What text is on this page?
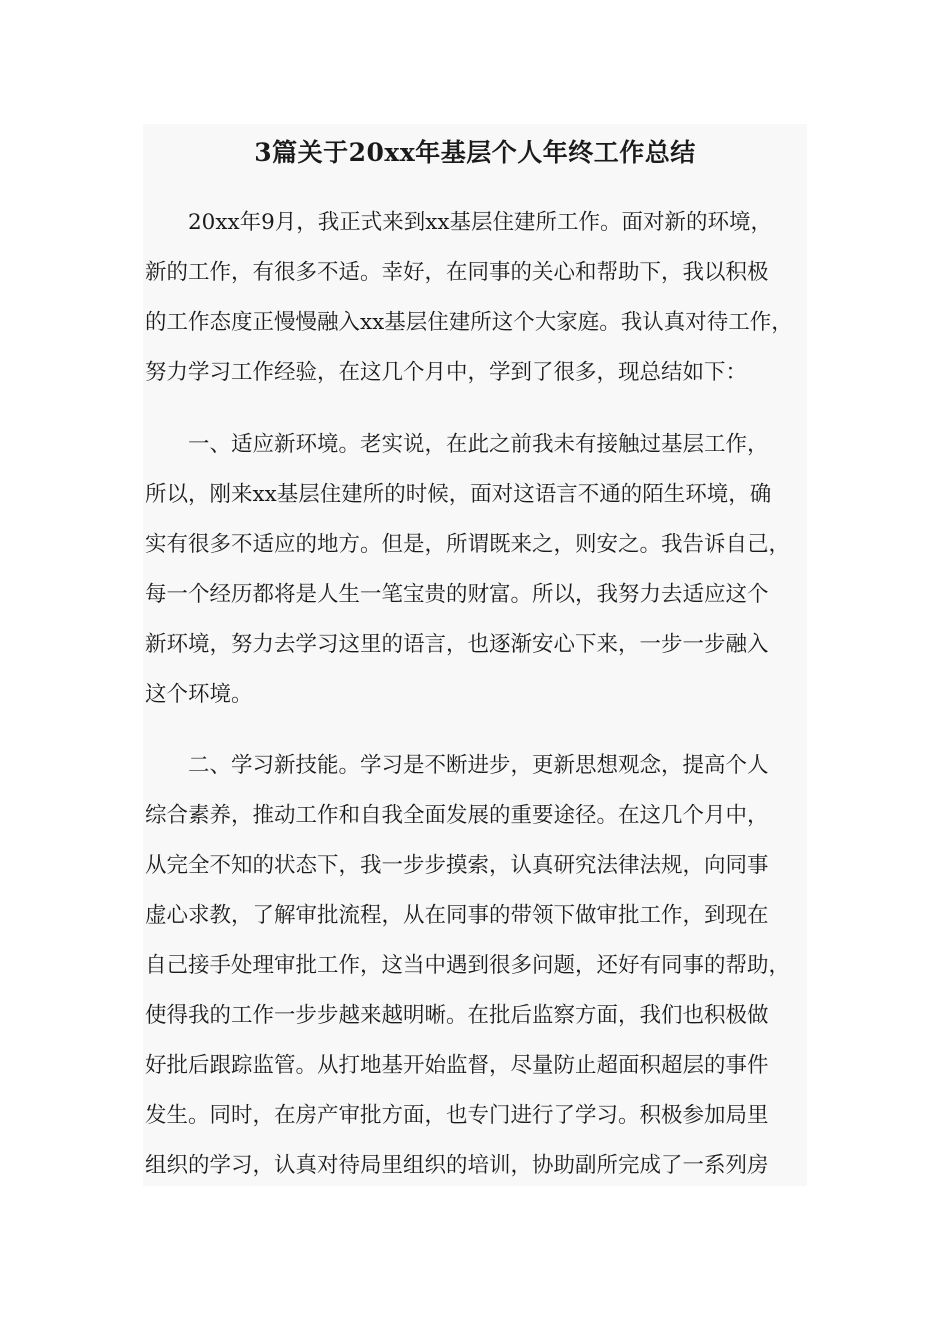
3篇关于20xx年基层个人年终工作总结
20xx年9月，我正式来到xx基层住建所工作。面对新的环境，
新的工作，有很多不适。幸好，在同事的关心和帮助下，我以积极
的工作态度正慢慢融入xx基层住建所这个大家庭。我认真对待工作，
努力学习工作经验，在这几个月中，学到了很多，现总结如下：
一、适应新环境。老实说，在此之前我未有接触过基层工作，
所以，刚来xx基层住建所的时候，面对这语言不通的陌生环境，确
实有很多不适应的地方。但是，所谓既来之，则安之。我告诉自己，
每一个经历都将是人生一笔宝贵的财富。所以，我努力去适应这个
新环境，努力去学习这里的语言，也逐渐安心下来，一步一步融入
这个环境。
二、学习新技能。学习是不断进步，更新思想观念，提高个人
综合素养，推动工作和自我全面发展的重要途径。在这几个月中，
从完全不知的状态下，我一步步摸索，认真研究法律法规，向同事
虚心求教，了解审批流程，从在同事的带领下做审批工作，到现在
自己接手处理审批工作，这当中遇到很多问题，还好有同事的帮助，
使得我的工作一步步越来越明晰。在批后监察方面，我们也积极做
好批后跟踪监管。从打地基开始监督，尽量防止超面积超层的事件
发生。同时，在房产审批方面，也专门进行了学习。积极参加局里
组织的学习，认真对待局里组织的培训，协助副所完成了一系列房
